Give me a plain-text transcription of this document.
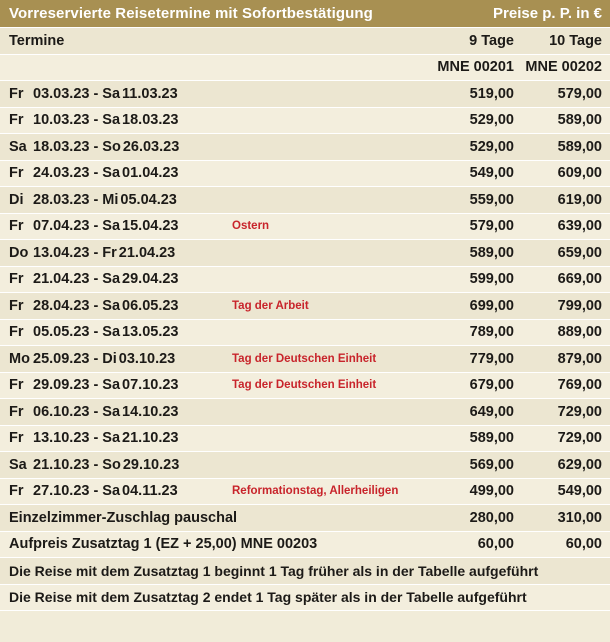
Vorreservierte Reisetermine mit Sofortbestätigung	Preise p. P. in €
Termine	9 Tage	10 Tage
MNE 00201 MNE 00202
Fr 03.03.23 - Sa 11.03.23	519,00	579,00
Fr 10.03.23 - Sa 18.03.23	529,00	589,00
Sa 18.03.23 - So 26.03.23	529,00	589,00
Fr 24.03.23 - Sa 01.04.23	549,00	609,00
Di 28.03.23 - Mi 05.04.23	559,00	619,00
Fr 07.04.23 - Sa 15.04.23	Ostern	579,00	639,00
Do 13.04.23 - Fr 21.04.23	589,00	659,00
Fr 21.04.23 - Sa 29.04.23	599,00	669,00
Fr 28.04.23 - Sa 06.05.23	Tag der Arbeit	699,00	799,00
Fr 05.05.23 - Sa 13.05.23	789,00	889,00
Mo 25.09.23 - Di 03.10.23	Tag der Deutschen Einheit	779,00	879,00
Fr 29.09.23 - Sa 07.10.23	Tag der Deutschen Einheit	679,00	769,00
Fr 06.10.23 - Sa 14.10.23	649,00	729,00
Fr 13.10.23 - Sa 21.10.23	589,00	729,00
Sa 21.10.23 - So 29.10.23	569,00	629,00
Fr 27.10.23 - Sa 04.11.23	Reformationstag, Allerheiligen	499,00	549,00
Einzelzimmer-Zuschlag pauschal	280,00	310,00
Aufpreis Zusatztag 1 (EZ + 25,00) MNE 00203	60,00	60,00
Die Reise mit dem Zusatztag 1 beginnt 1 Tag früher als in der Tabelle aufgeführt
Die Reise mit dem Zusatztag 2 endet 1 Tag später als in der Tabelle aufgeführt
